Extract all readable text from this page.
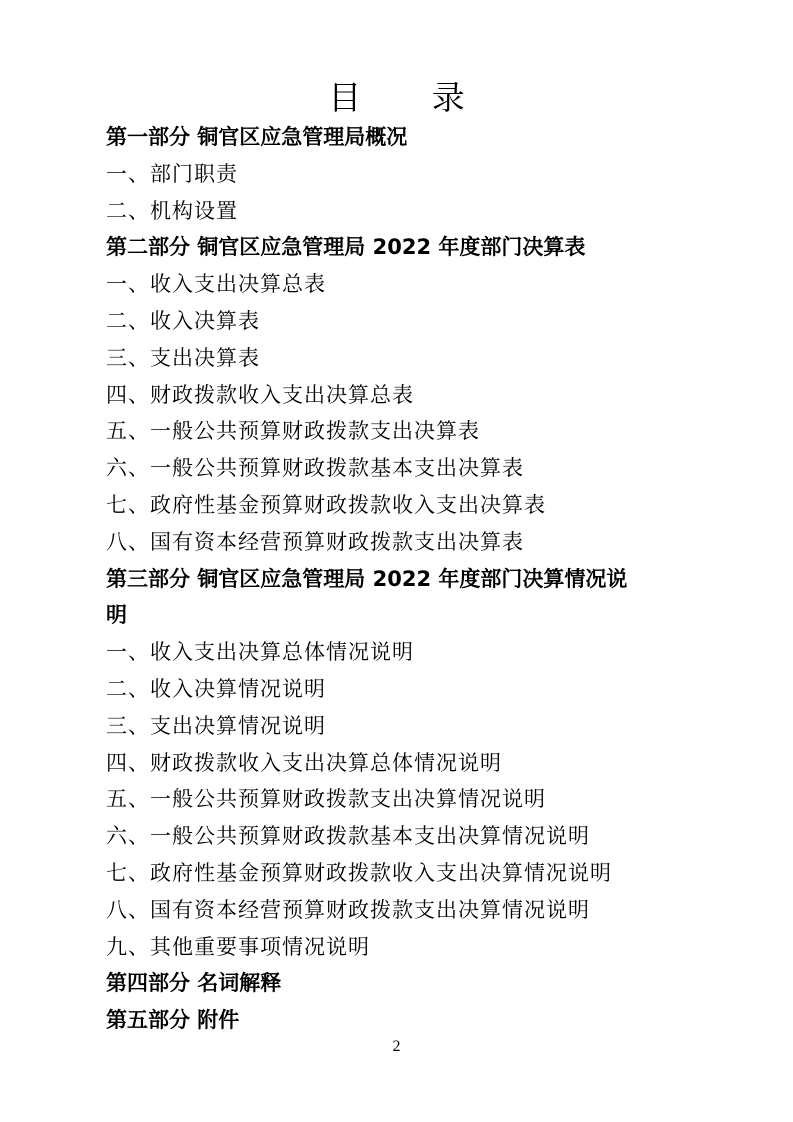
目 录
第一部分 铜官区应急管理局概况
一、部门职责
二、机构设置
第二部分 铜官区应急管理局 2022 年度部门决算表
一、收入支出决算总表
二、收入决算表
三、支出决算表
四、财政拨款收入支出决算总表
五、一般公共预算财政拨款支出决算表
六、一般公共预算财政拨款基本支出决算表
七、政府性基金预算财政拨款收入支出决算表
八、国有资本经营预算财政拨款支出决算表
第三部分 铜官区应急管理局 2022 年度部门决算情况说
明
一、收入支出决算总体情况说明
二、收入决算情况说明
三、支出决算情况说明
四、财政拨款收入支出决算总体情况说明
五、一般公共预算财政拨款支出决算情况说明
六、一般公共预算财政拨款基本支出决算情况说明
七、政府性基金预算财政拨款收入支出决算情况说明
八、国有资本经营预算财政拨款支出决算情况说明
九、其他重要事项情况说明
第四部分 名词解释
第五部分 附件
2
